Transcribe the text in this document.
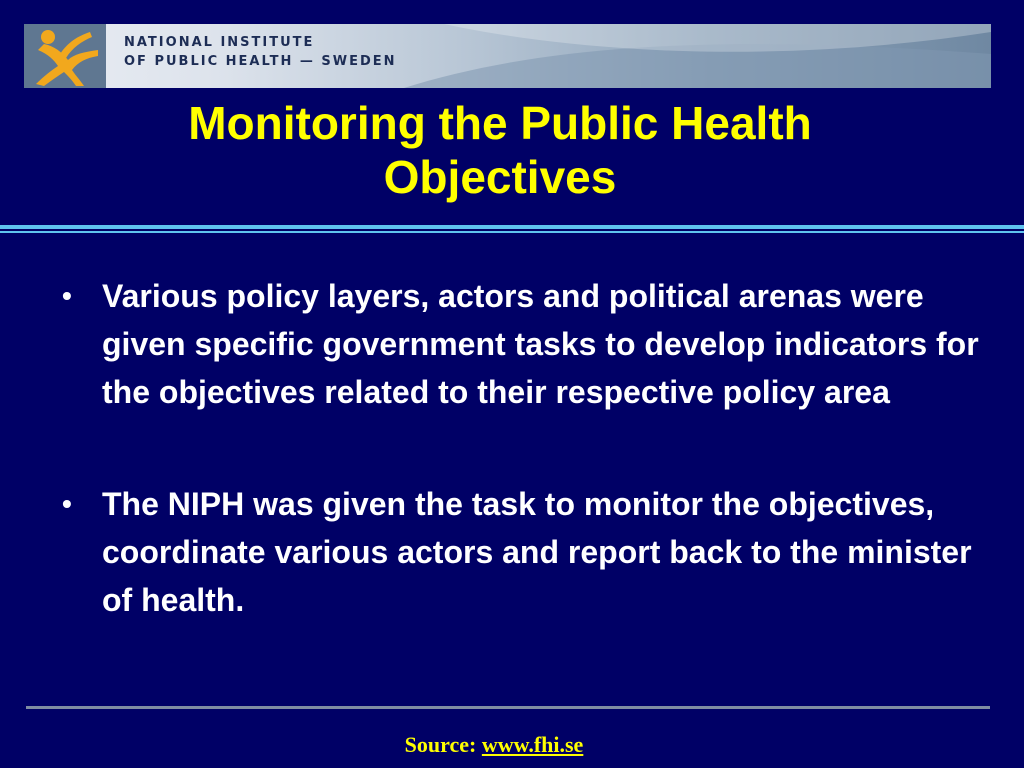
NATIONAL INSTITUTE
OF PUBLIC HEALTH — SWEDEN
Monitoring the Public Health
Objectives
• Various policy layers, actors and political arenas were given specific government tasks to develop indicators for the objectives related to their respective policy area
• The NIPH was given the task to monitor the objectives, coordinate various actors and report back to the minister of health.
Source: www.fhi.se
